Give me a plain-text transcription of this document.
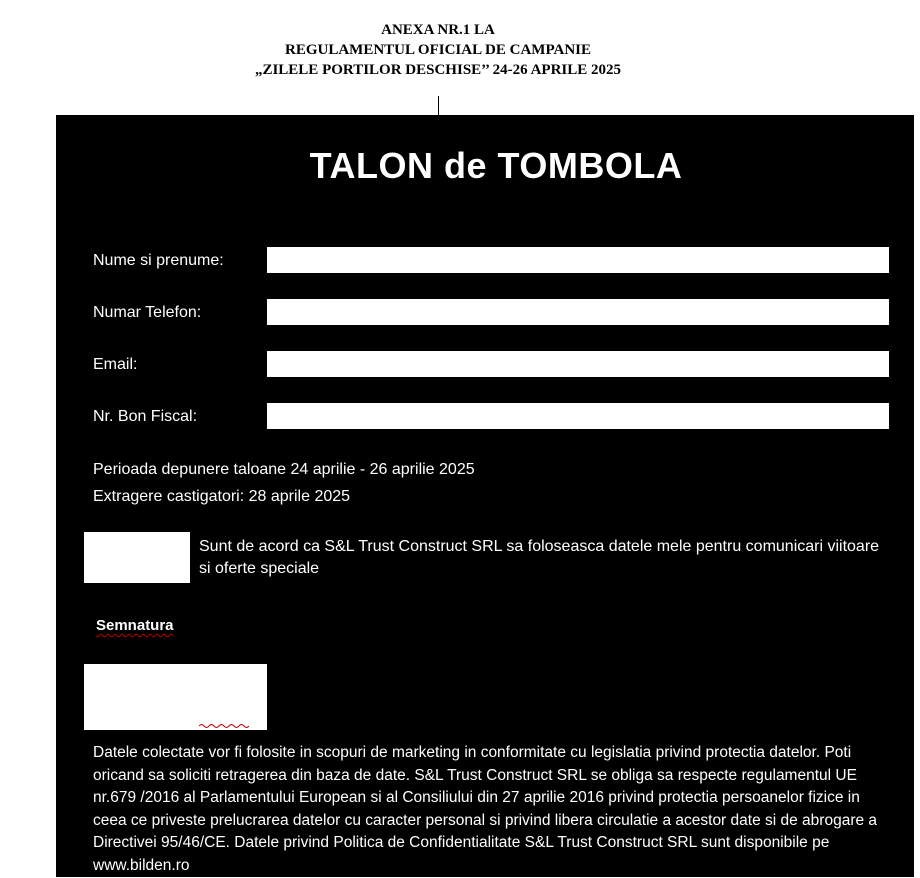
ANEXA NR.1 LA
REGULAMENTUL OFICIAL DE CAMPANIE
„ZILELE PORTILOR DESCHISE’’ 24-26 APRILE 2025
TALON de TOMBOLA
Nume si prenume:
Numar Telefon:
Email:
Nr. Bon Fiscal:
Perioada depunere taloane 24 aprilie - 26 aprilie 2025
Extragere castigatori: 28 aprile 2025
Sunt de acord ca S&L Trust Construct SRL sa foloseasca datele mele pentru comunicari viitoare si oferte speciale
Semnatura
Datele colectate vor fi folosite in scopuri de marketing in conformitate cu legislatia privind protectia datelor. Poti oricand sa soliciti retragerea din baza de date. S&L Trust Construct SRL se obliga sa respecte regulamentul UE nr.679 /2016 al Parlamentului European si al Consiliului din 27 aprilie 2016 privind protectia persoanelor fizice in ceea ce priveste prelucrarea datelor cu caracter personal si privind libera circulatie a acestor date si de abrogare a Directivei 95/46/CE. Datele privind Politica de Confidentialitate S&L Trust Construct SRL sunt disponibile pe www.bilden.ro
